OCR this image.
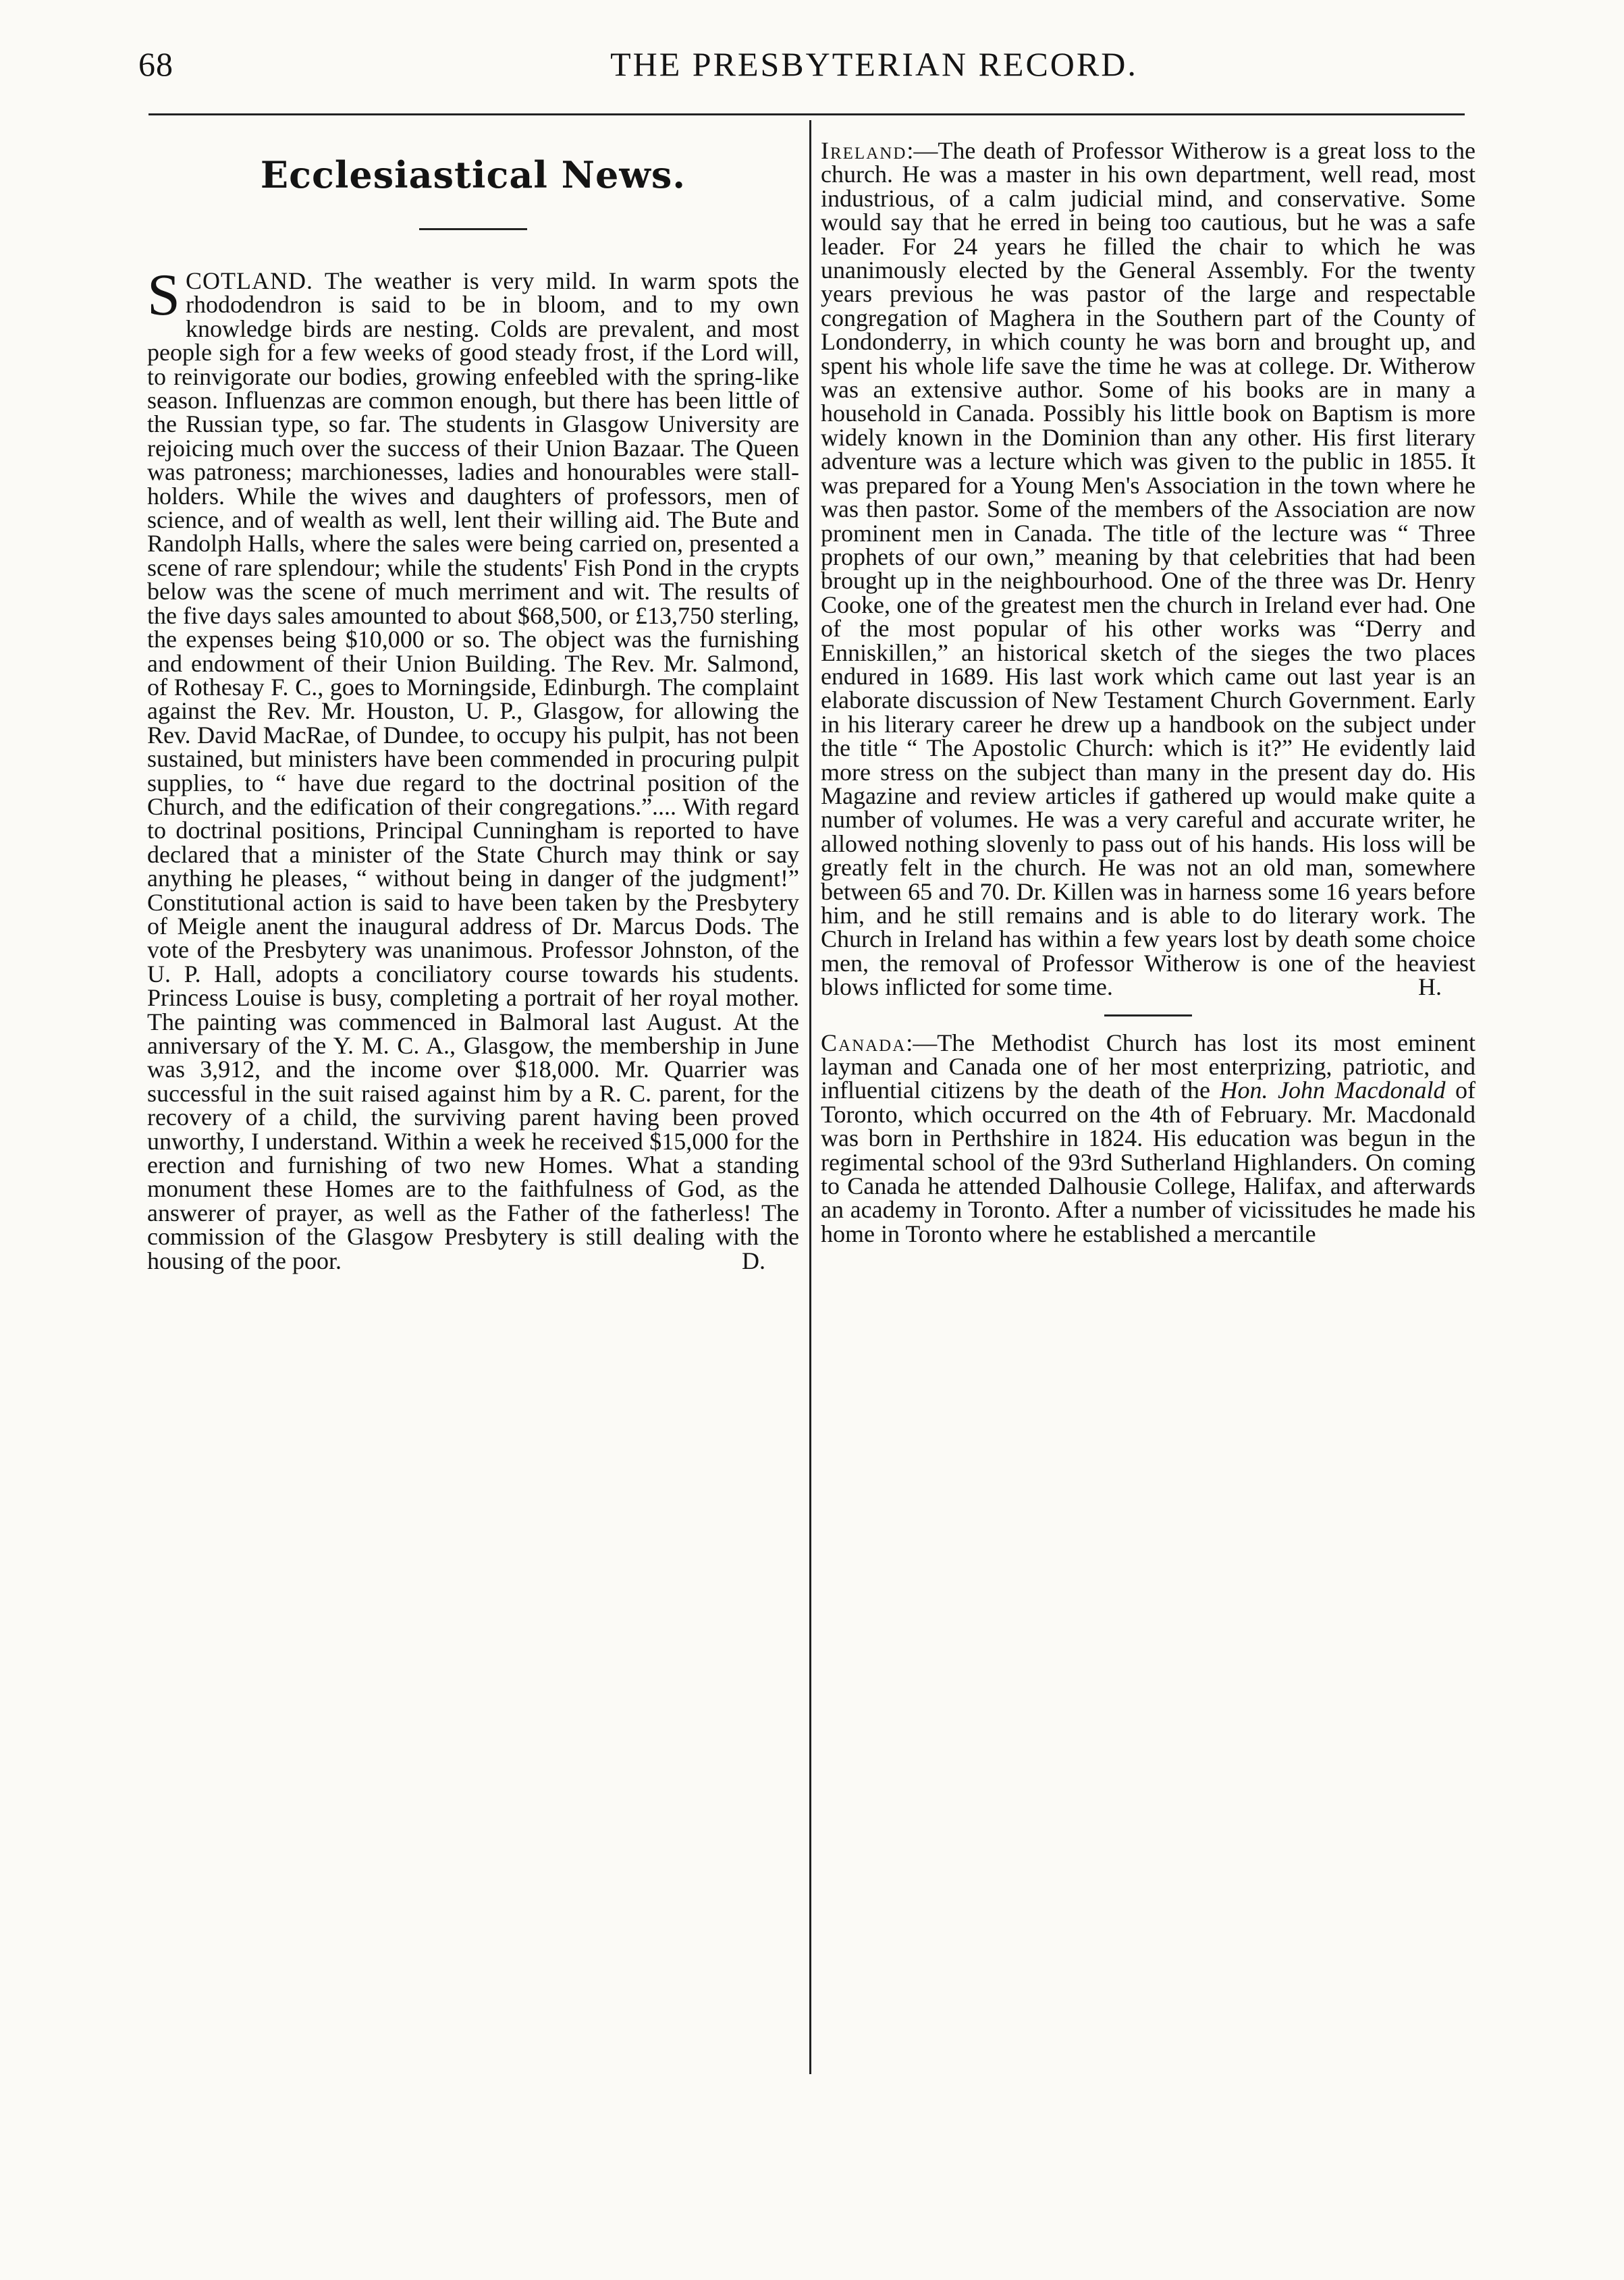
68	THE PRESBYTERIAN RECORD.
Ecclesiastical News.

SCOTLAND. The weather is very mild. In warm spots the rhododendron is said to be in bloom, and to my own knowledge birds are nesting. Colds are prevalent, and most people sigh for a few weeks of good steady frost, if the Lord will, to reinvigorate our bodies, growing enfeebled with the spring-like season. Influenzas are common enough, but there has been little of the Russian type, so far. The students in Glasgow University are rejoicing much over the success of their Union Bazaar. The Queen was patroness; marchionesses, ladies and honourables were stall-holders. While the wives and daughters of professors, men of science, and of wealth as well, lent their willing aid. The Bute and Randolph Halls, where the sales were being carried on, presented a scene of rare splendour; while the students' Fish Pond in the crypts below was the scene of much merriment and wit. The results of the five days sales amounted to about $68,500, or £13,750 sterling, the expenses being $10,000 or so. The object was the furnishing and endowment of their Union Building. The Rev. Mr. Salmond, of Rothesay F. C., goes to Morningside, Edinburgh. The complaint against the Rev. Mr. Houston, U. P., Glasgow, for allowing the Rev. David MacRae, of Dundee, to occupy his pulpit, has not been sustained, but ministers have been commended in procuring pulpit supplies, to “ have due regard to the doctrinal position of the Church, and the edification of their congregations.”.... With regard to doctrinal positions, Principal Cunningham is reported to have declared that a minister of the State Church may think or say anything he pleases, “ without being in danger of the judgment!” Constitutional action is said to have been taken by the Presbytery of Meigle anent the inaugural address of Dr. Marcus Dods. The vote of the Presbytery was unanimous. Professor Johnston, of the U. P. Hall, adopts a conciliatory course towards his students. Princess Louise is busy, completing a portrait of her royal mother. The painting was commenced in Balmoral last August. At the anniversary of the Y. M. C. A., Glasgow, the membership in June was 3,912, and the income over $18,000. Mr. Quarrier was successful in the suit raised against him by a R. C. parent, for the recovery of a child, the surviving parent having been proved unworthy, I understand. Within a week he received $15,000 for the erection and furnishing of two new Homes. What a standing monument these Homes are to the faithfulness of God, as the answerer of prayer, as well as the Father of the fatherless! The commission of the Glasgow Presbytery is still dealing with the housing of the poor.	D.

Ireland:—The death of Professor Witherow is a great loss to the church. He was a master in his own department, well read, most industrious, of a calm judicial mind, and conservative. Some would say that he erred in being too cautious, but he was a safe leader. For 24 years he filled the chair to which he was unanimously elected by the General Assembly. For the twenty years previous he was pastor of the large and respectable congregation of Maghera in the Southern part of the County of Londonderry, in which county he was born and brought up, and spent his whole life save the time he was at college. Dr. Witherow was an extensive author. Some of his books are in many a household in Canada. Possibly his little book on Baptism is more widely known in the Dominion than any other. His first literary adventure was a lecture which was given to the public in 1855. It was prepared for a Young Men's Association in the town where he was then pastor. Some of the members of the Association are now prominent men in Canada. The title of the lecture was “ Three prophets of our own,” meaning by that celebrities that had been brought up in the neighbourhood. One of the three was Dr. Henry Cooke, one of the greatest men the church in Ireland ever had. One of the most popular of his other works was “Derry and Enniskillen,” an historical sketch of the sieges the two places endured in 1689. His last work which came out last year is an elaborate discussion of New Testament Church Government. Early in his literary career he drew up a handbook on the subject under the title “ The Apostolic Church: which is it?” He evidently laid more stress on the subject than many in the present day do. His Magazine and review articles if gathered up would make quite a number of volumes. He was a very careful and accurate writer, he allowed nothing slovenly to pass out of his hands. His loss will be greatly felt in the church. He was not an old man, somewhere between 65 and 70. Dr. Killen was in harness some 16 years before him, and he still remains and is able to do literary work. The Church in Ireland has within a few years lost by death some choice men, the removal of Professor Witherow is one of the heaviest blows inflicted for some time.	H.

Canada:—The Methodist Church has lost its most eminent layman and Canada one of her most enterprizing, patriotic, and influential citizens by the death of the Hon. John Macdonald of Toronto, which occurred on the 4th of February. Mr. Macdonald was born in Perthshire in 1824. His education was begun in the regimental school of the 93rd Sutherland Highlanders. On coming to Canada he attended Dalhousie College, Halifax, and afterwards an academy in Toronto. After a number of vicissitudes he made his home in Toronto where he established a mercantile
